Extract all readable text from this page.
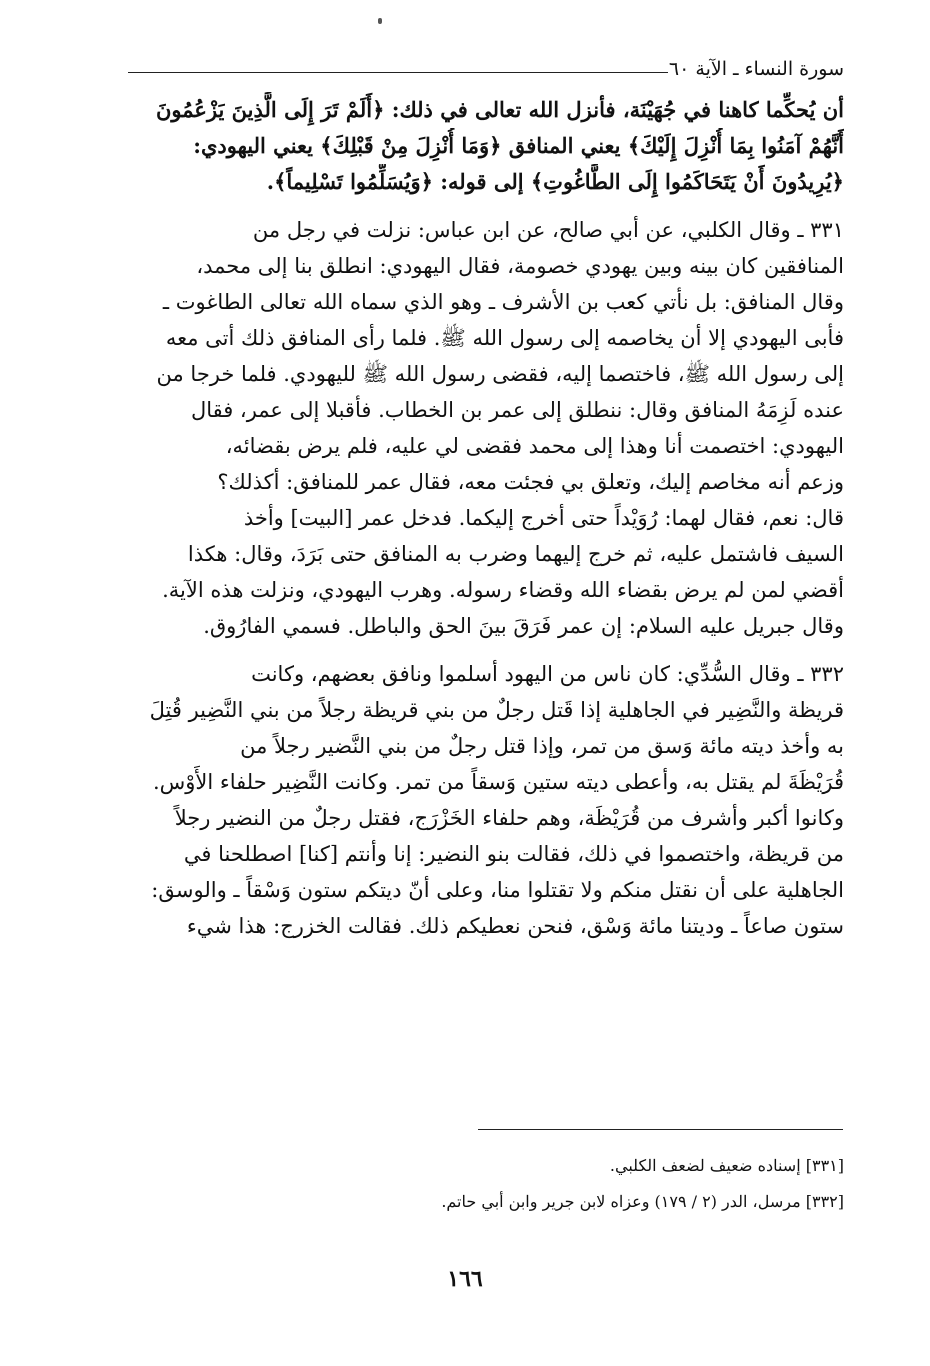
سورة النساء ـ الآية ٦٠
أن يُحكِّما كاهنا في جُهَيْنَة، فأنزل الله تعالى في ذلك: ﴿أَلَمْ تَرَ إِلَى الَّذِينَ يَزْعُمُونَ
أَنَّهُمْ آمَنُوا بِمَا أُنْزِلَ إِلَيْكَ﴾ يعني المنافق ﴿وَمَا أُنْزِلَ مِنْ قَبْلِكَ﴾ يعني اليهودي:
﴿يُرِيدُونَ أَنْ يَتَحَاكَمُوا إِلَى الطَّاغُوتِ﴾ إلى قوله: ﴿وَيُسَلِّمُوا تَسْلِيماً﴾.
٣٣١ ـ وقال الكلبي، عن أبي صالح، عن ابن عباس: نزلت في رجل من
المنافقين كان بينه وبين يهودي خصومة، فقال اليهودي: انطلق بنا إلى محمد،
وقال المنافق: بل نأتي كعب بن الأشرف ـ وهو الذي سماه الله تعالى الطاغوت ـ
فأبى اليهودي إلا أن يخاصمه إلى رسول الله ﷺ. فلما رأى المنافق ذلك أتى معه
إلى رسول الله ﷺ، فاختصما إليه، فقضى رسول الله ﷺ لليهودي. فلما خرجا من
عنده لَزِمَهُ المنافق وقال: ننطلق إلى عمر بن الخطاب. فأقبلا إلى عمر، فقال
اليهودي: اختصمت أنا وهذا إلى محمد فقضى لي عليه، فلم يرض بقضائه،
وزعم أنه مخاصم إليك، وتعلق بي فجئت معه، فقال عمر للمنافق: أكذلك؟
قال: نعم، فقال لهما: رُوَيْداً حتى أخرج إليكما. فدخل عمر [البيت] وأخذ
السيف فاشتمل عليه، ثم خرج إليهما وضرب به المنافق حتى بَرَدَ، وقال: هكذا
أقضي لمن لم يرض بقضاء الله وقضاء رسوله. وهرب اليهودي، ونزلت هذه الآية.
وقال جبريل عليه السلام: إن عمر فَرَقَ بينَ الحق والباطل. فسمي الفارُوق.
٣٣٢ ـ وقال السُّدِّي: كان ناس من اليهود أسلموا ونافق بعضهم، وكانت
قريظة والنَّضِير في الجاهلية إذا قَتل رجلٌ من بني قريظة رجلاً من بني النَّضِير قُتِلَ
به وأخذ ديته مائة وَسق من تمر، وإذا قتل رجلٌ من بني النَّضير رجلاً من
قُرَيْظَةَ لم يقتل به، وأعطى ديته ستين وَسقاً من تمر. وكانت النَّضِير حلفاء الأَوْس.
وكانوا أكبر وأشرف من قُرَيْظَة، وهم حلفاء الخَزْرَج، فقتل رجلٌ من النضير رجلاً
من قريظة، واختصموا في ذلك، فقالت بنو النضير: إنا وأنتم [كنا] اصطلحنا في
الجاهلية على أن نقتل منكم ولا تقتلوا منا، وعلى أنّ ديتكم ستون وَسْقاً ـ والوسق:
ستون صاعاً ـ وديتنا مائة وَسْق، فنحن نعطيكم ذلك. فقالت الخزرج: هذا شيء
[٣٣١] إسناده ضعيف لضعف الكلبي.
[٣٣٢] مرسل، الدر (٢ / ١٧٩) وعزاه لابن جرير وابن أبي حاتم.
١٦٦
